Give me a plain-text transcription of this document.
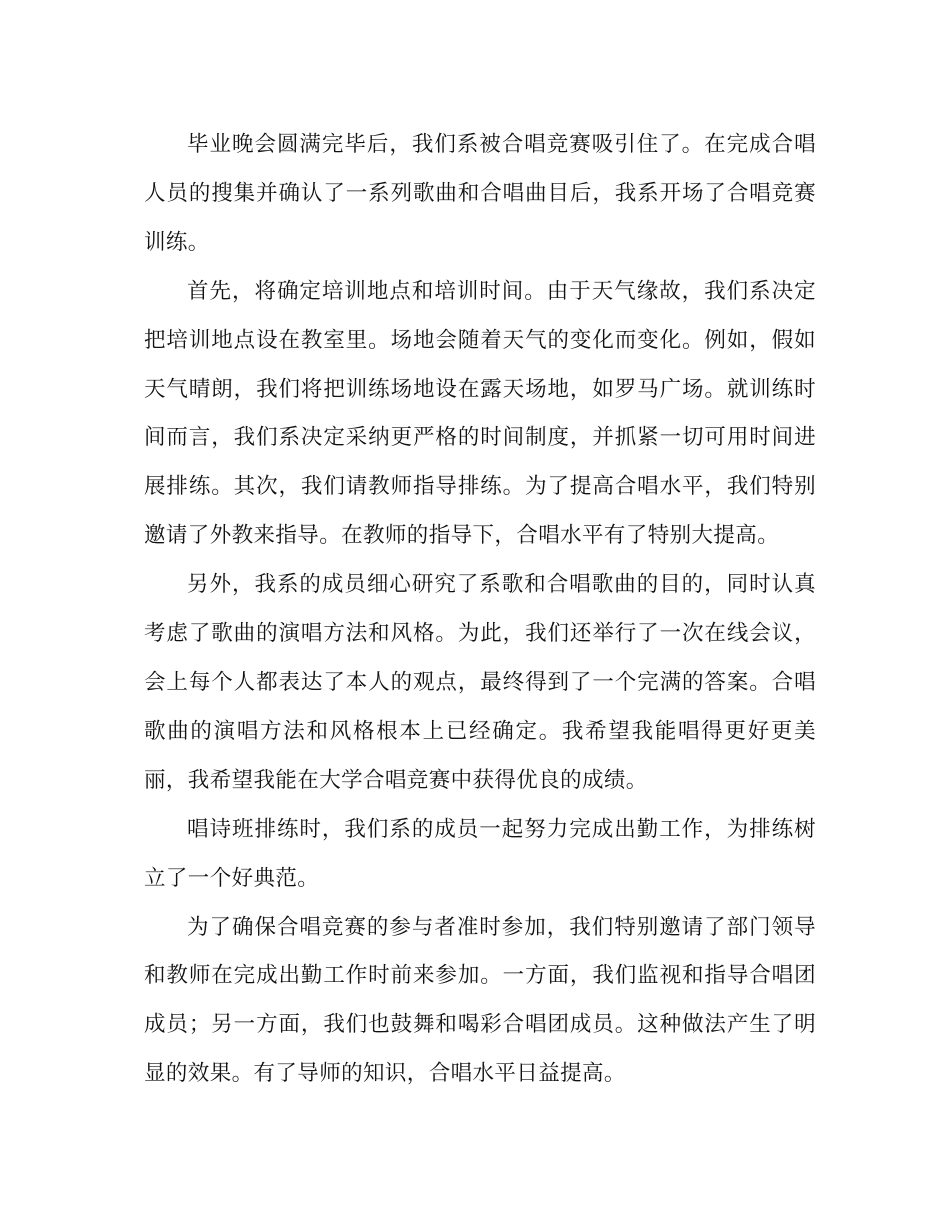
毕业晚会圆满完毕后，我们系被合唱竞赛吸引住了。在完成合唱人员的搜集并确认了一系列歌曲和合唱曲目后，我系开场了合唱竞赛训练。

首先，将确定培训地点和培训时间。由于天气缘故，我们系决定把培训地点设在教室里。场地会随着天气的变化而变化。例如，假如天气晴朗，我们将把训练场地设在露天场地，如罗马广场。就训练时间而言，我们系决定采纳更严格的时间制度，并抓紧一切可用时间进展排练。其次，我们请教师指导排练。为了提高合唱水平，我们特别邀请了外教来指导。在教师的指导下，合唱水平有了特别大提高。

另外，我系的成员细心研究了系歌和合唱歌曲的目的，同时认真考虑了歌曲的演唱方法和风格。为此，我们还举行了一次在线会议，会上每个人都表达了本人的观点，最终得到了一个完满的答案。合唱歌曲的演唱方法和风格根本上已经确定。我希望我能唱得更好更美丽，我希望我能在大学合唱竞赛中获得优良的成绩。

唱诗班排练时，我们系的成员一起努力完成出勤工作，为排练树立了一个好典范。

为了确保合唱竞赛的参与者准时参加，我们特别邀请了部门领导和教师在完成出勤工作时前来参加。一方面，我们监视和指导合唱团成员；另一方面，我们也鼓舞和喝彩合唱团成员。这种做法产生了明显的效果。有了导师的知识，合唱水平日益提高。
